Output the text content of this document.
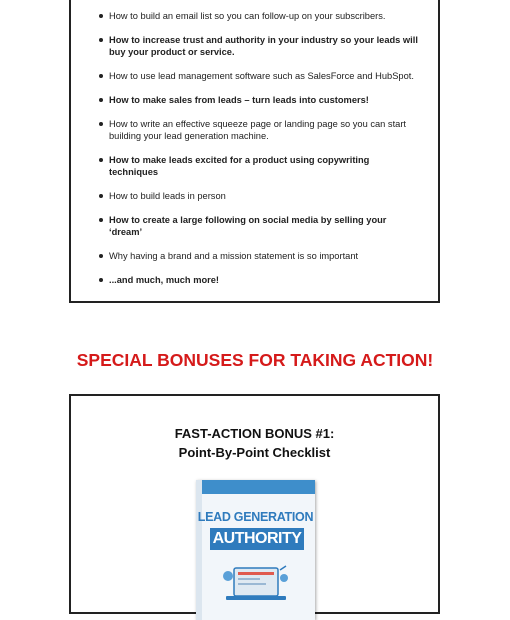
How to build an email list so you can follow-up on your subscribers.
How to increase trust and authority in your industry so your leads will buy your product or service.
How to use lead management software such as SalesForce and HubSpot.
How to make sales from leads – turn leads into customers!
How to write an effective squeeze page or landing page so you can start building your lead generation machine.
How to make leads excited for a product using copywriting techniques
How to build leads in person
How to create a large following on social media by selling your ‘dream’
Why having a brand and a mission statement is so important
...and much, much more!
SPECIAL BONUSES FOR TAKING ACTION!
FAST-ACTION BONUS #1:
Point-By-Point Checklist
LEAD GENERATION
AUTHORITY
